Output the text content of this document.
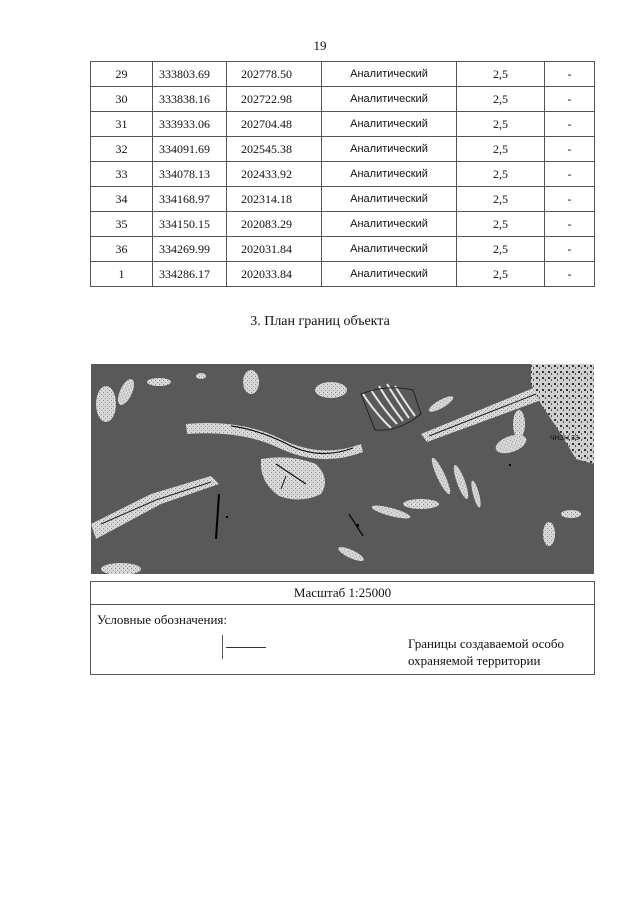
19
29	333803.69	202778.50	Аналитический	2,5	-
30	333838.16	202722.98	Аналитический	2,5	-
31	333933.06	202704.48	Аналитический	2,5	-
32	334091.69	202545.38	Аналитический	2,5	-
33	334078.13	202433.92	Аналитический	2,5	-
34	334168.97	202314.18	Аналитический	2,5	-
35	334150.15	202083.29	Аналитический	2,5	-
36	334269.99	202031.84	Аналитический	2,5	-
1	334286.17	202033.84	Аналитический	2,5	-
3. План границ объекта
ЧНЗН 33
Масштаб 1:25000
Условные обозначения:
Границы создаваемой особо охраняемой территории
